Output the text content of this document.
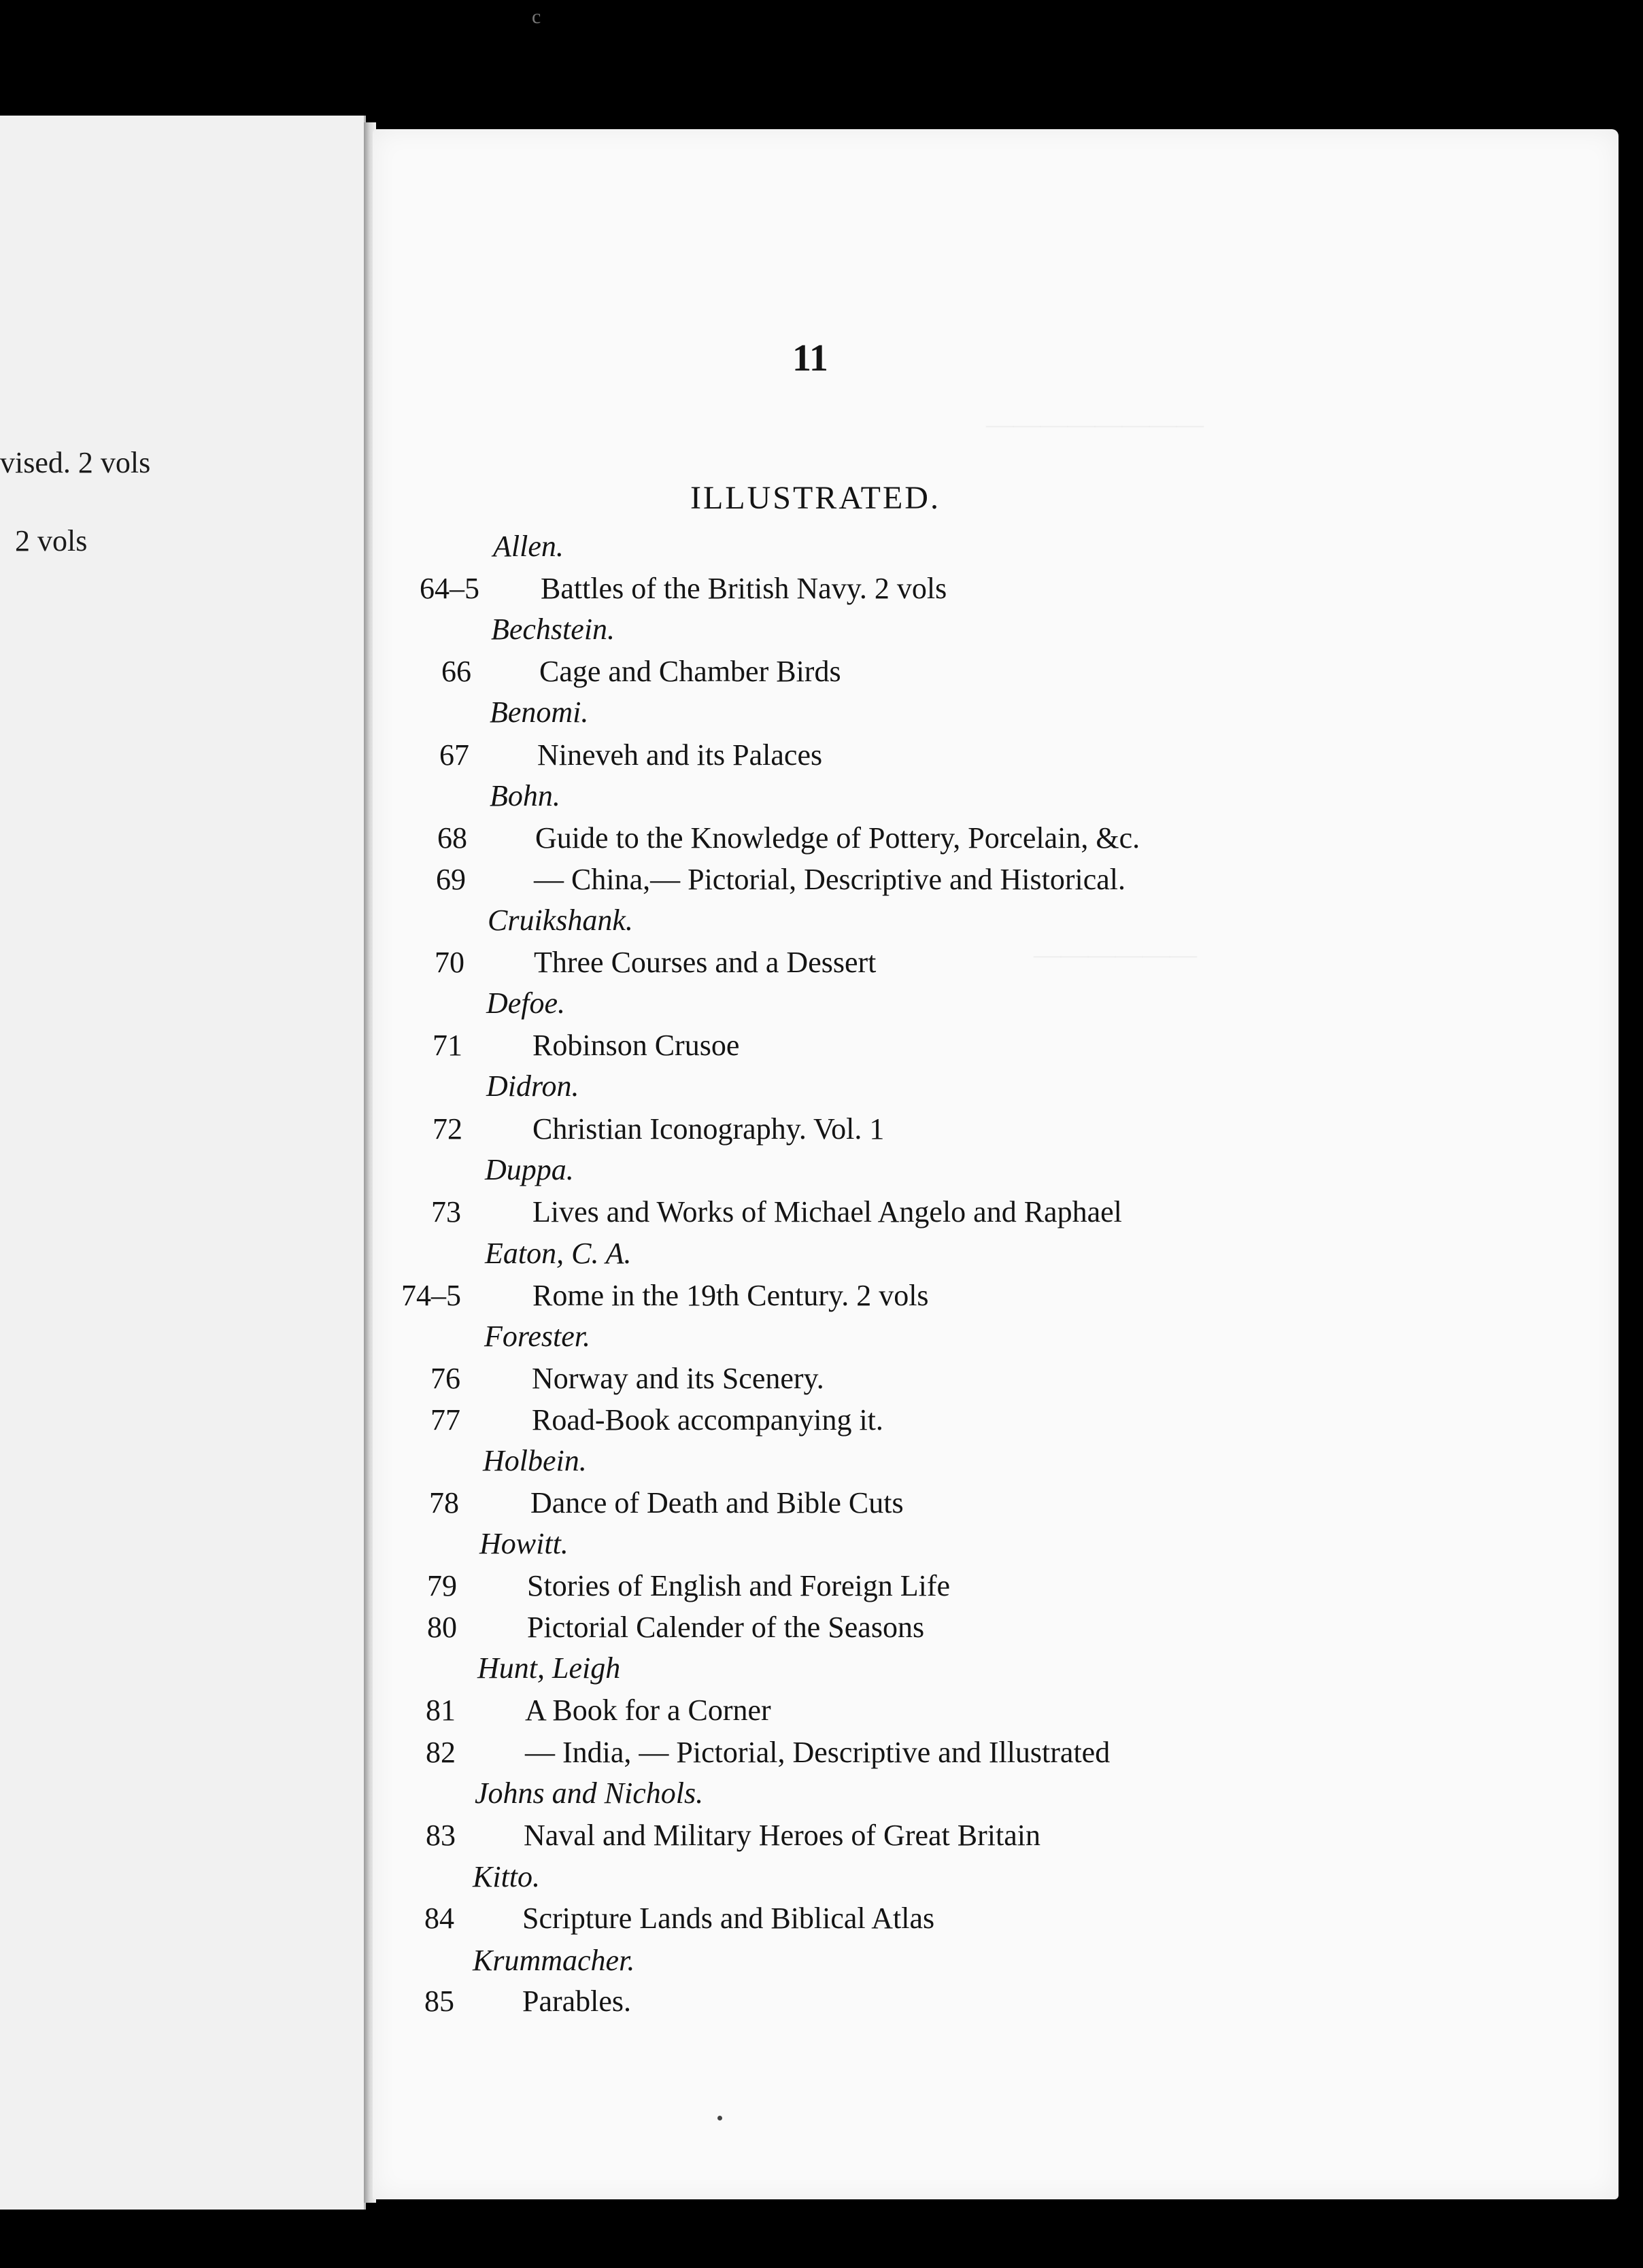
c
vised. 2 vols
2 vols
————————
——————
11
ILLUSTRATED.
Allen.
64–5 Battles of the British Navy. 2 vols
Bechstein.
66 Cage and Chamber Birds
Benomi.
67 Nineveh and its Palaces
Bohn.
68 Guide to the Knowledge of Pottery, Porcelain, &c.
69 — China,— Pictorial, Descriptive and Historical.
Cruikshank.
70 Three Courses and a Dessert
Defoe.
71 Robinson Crusoe
Didron.
72 Christian Iconography. Vol. 1
Duppa.
73 Lives and Works of Michael Angelo and Raphael
Eaton, C. A.
74–5 Rome in the 19th Century. 2 vols
Forester.
76 Norway and its Scenery.
77 Road-Book accompanying it.
Holbein.
78 Dance of Death and Bible Cuts
Howitt.
79 Stories of English and Foreign Life
80 Pictorial Calender of the Seasons
Hunt, Leigh
81 A Book for a Corner
82 — India, — Pictorial, Descriptive and Illustrated
Johns and Nichols.
83 Naval and Military Heroes of Great Britain
Kitto.
84 Scripture Lands and Biblical Atlas
Krummacher.
85 Parables.
